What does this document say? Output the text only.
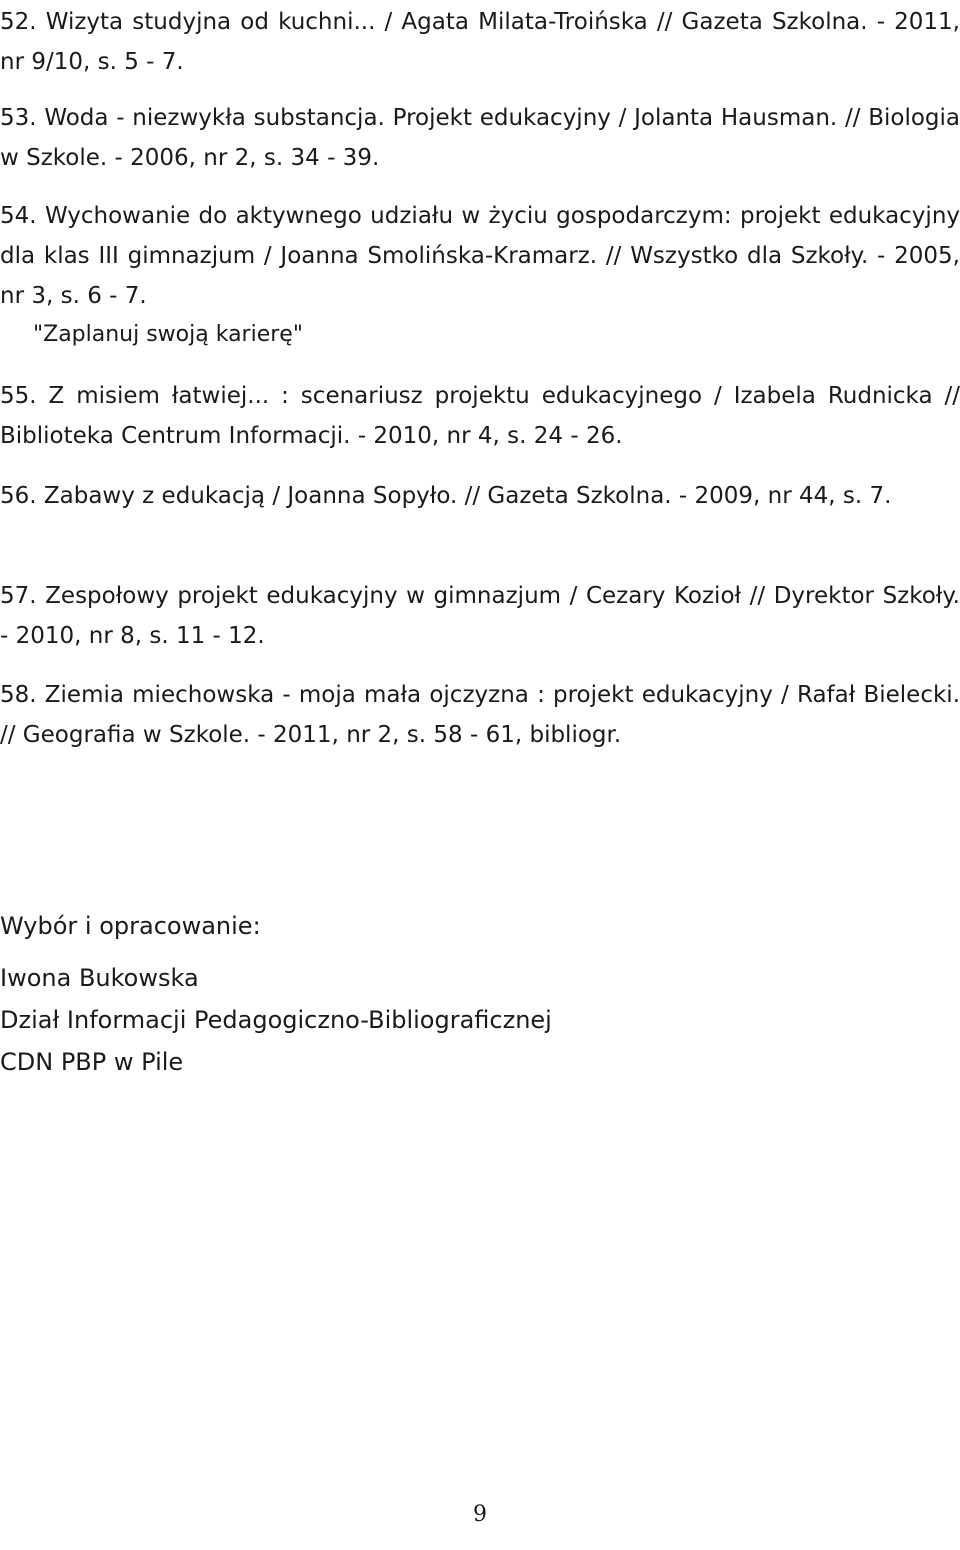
52. Wizyta studyjna od kuchni... / Agata Milata-Troińska // Gazeta Szkolna. - 2011, nr 9/10, s. 5 - 7.

53. Woda - niezwykła substancja. Projekt edukacyjny / Jolanta Hausman. // Biologia w Szkole. - 2006, nr 2, s. 34 - 39.

54. Wychowanie do aktywnego udziału w życiu gospodarczym: projekt edukacyjny dla klas III gimnazjum / Joanna Smolińska-Kramarz. // Wszystko dla Szkoły. - 2005, nr 3, s. 6 - 7.

"Zaplanuj swoją karierę"

55. Z misiem łatwiej... : scenariusz projektu edukacyjnego / Izabela Rudnicka // Biblioteka Centrum Informacji. - 2010, nr 4, s. 24 - 26.

56. Zabawy z edukacją / Joanna Sopyło. // Gazeta Szkolna. - 2009, nr 44, s. 7.

57. Zespołowy projekt edukacyjny w gimnazjum / Cezary Kozioł // Dyrektor Szkoły. - 2010, nr 8, s. 11 - 12.

58. Ziemia miechowska - moja mała ojczyzna : projekt edukacyjny / Rafał Bielecki. // Geografia w Szkole. - 2011, nr 2, s. 58 - 61, bibliogr.

Wybór i opracowanie:
Iwona Bukowska
Dział Informacji Pedagogiczno-Bibliograficznej
CDN PBP w Pile

9
